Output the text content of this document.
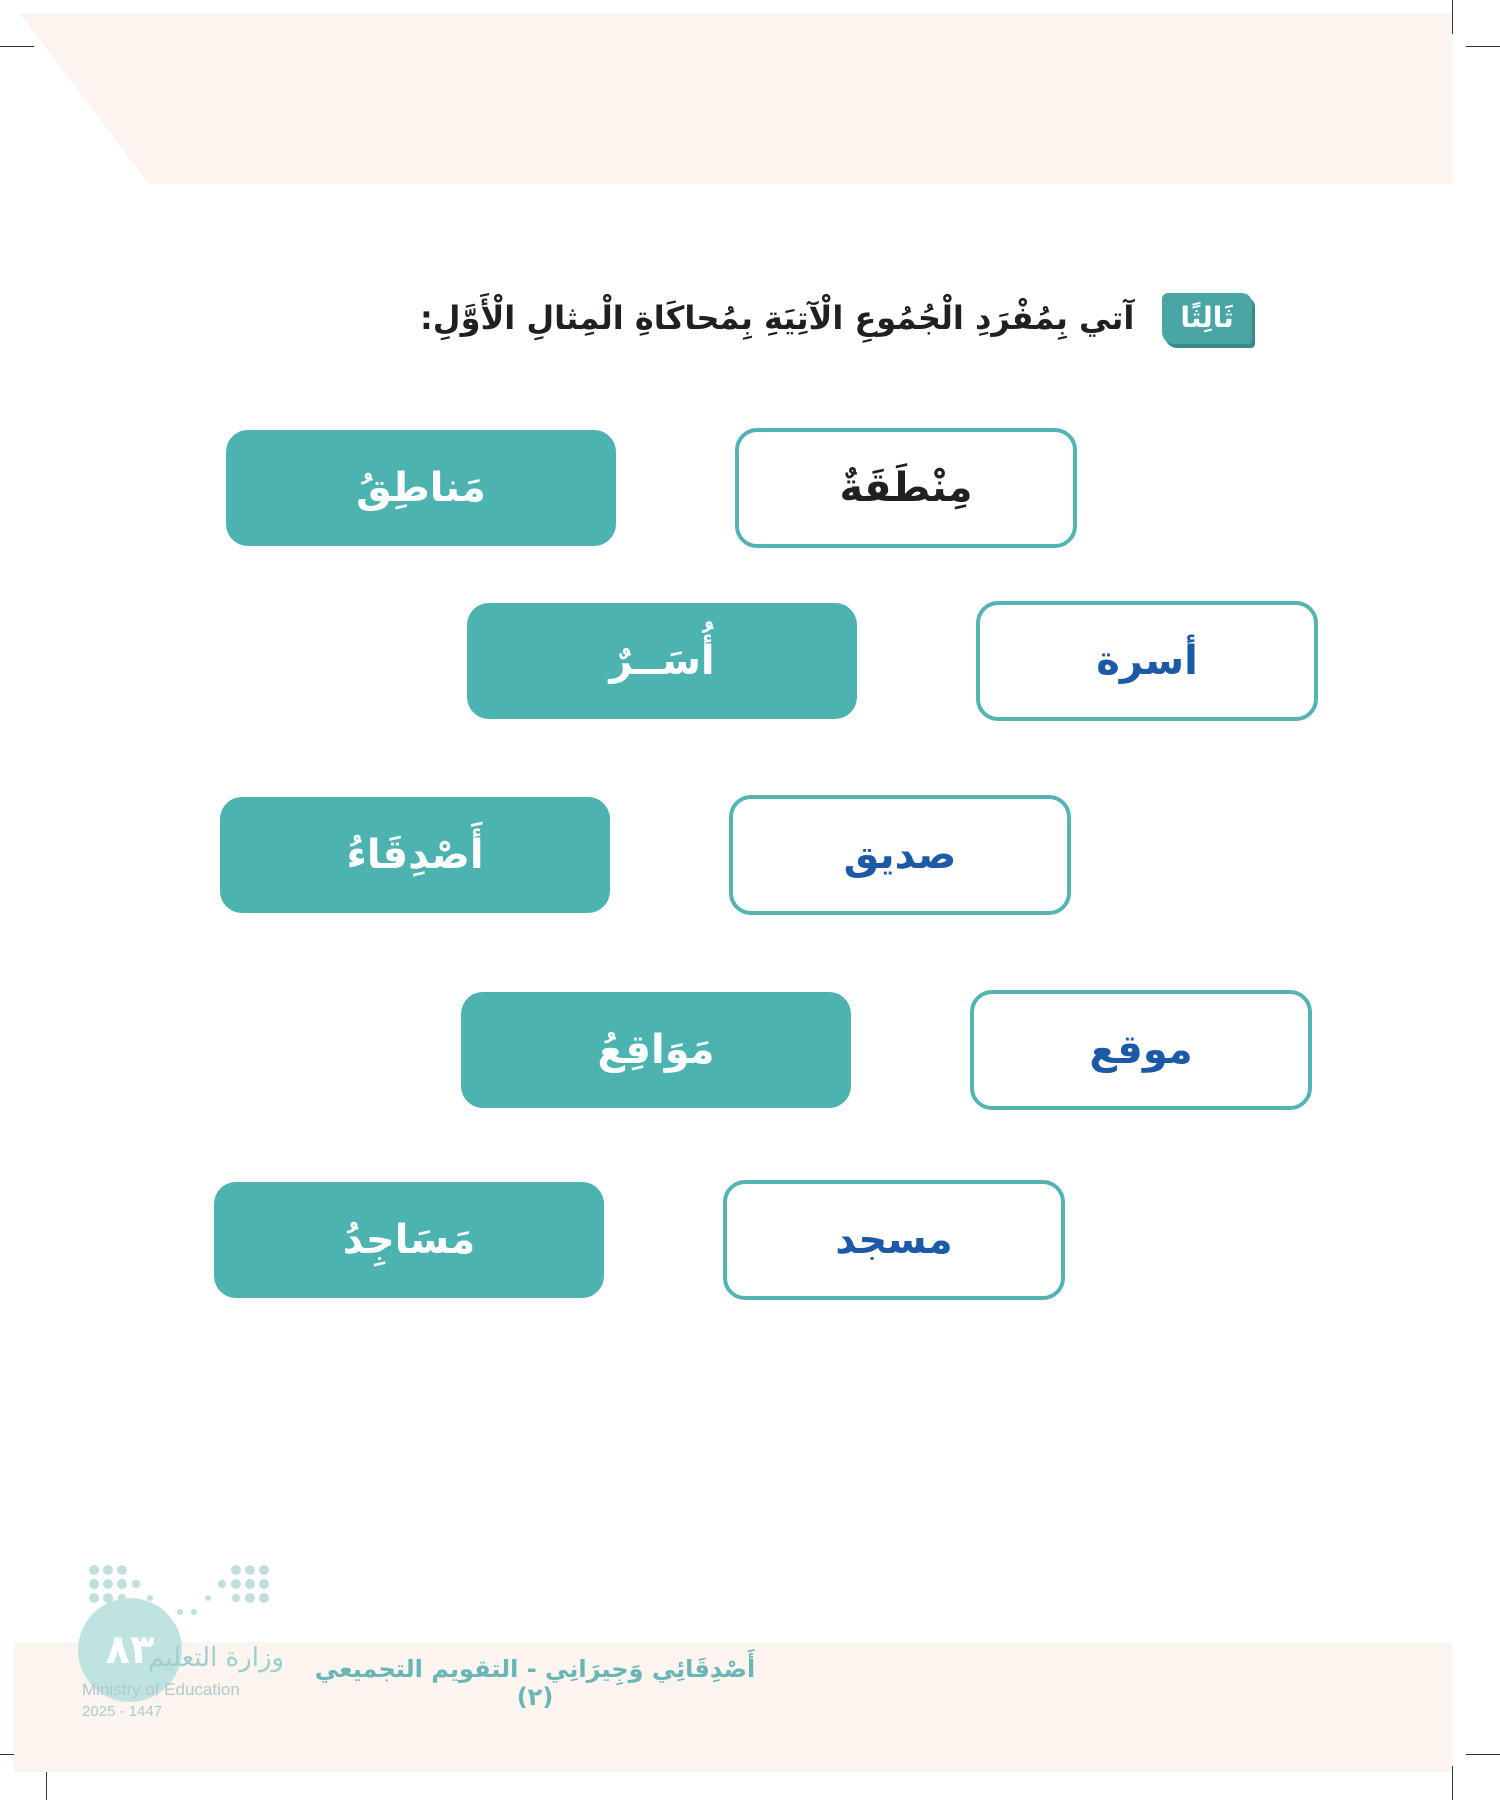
آتي بِمُفْرَدِ الْجُمُوعِ الْآتِيَةِ بِمُحاكَاةِ الْمِثالِ الْأَوَّلِ:	ثَالِثًا
مَناطِقُ	مِنْطَقَةٌ
أُسَــرٌ	أسرة
أَصْدِقَاءُ	صديق
مَوَاقِعُ	موقع
مَسَاجِدُ	مسجد
٨٣
وزارة التعليم
Ministry of Education
2025 - 1447
أَصْدِقَائِي وَجِيرَانِي - التقويم التجميعي (٢)
